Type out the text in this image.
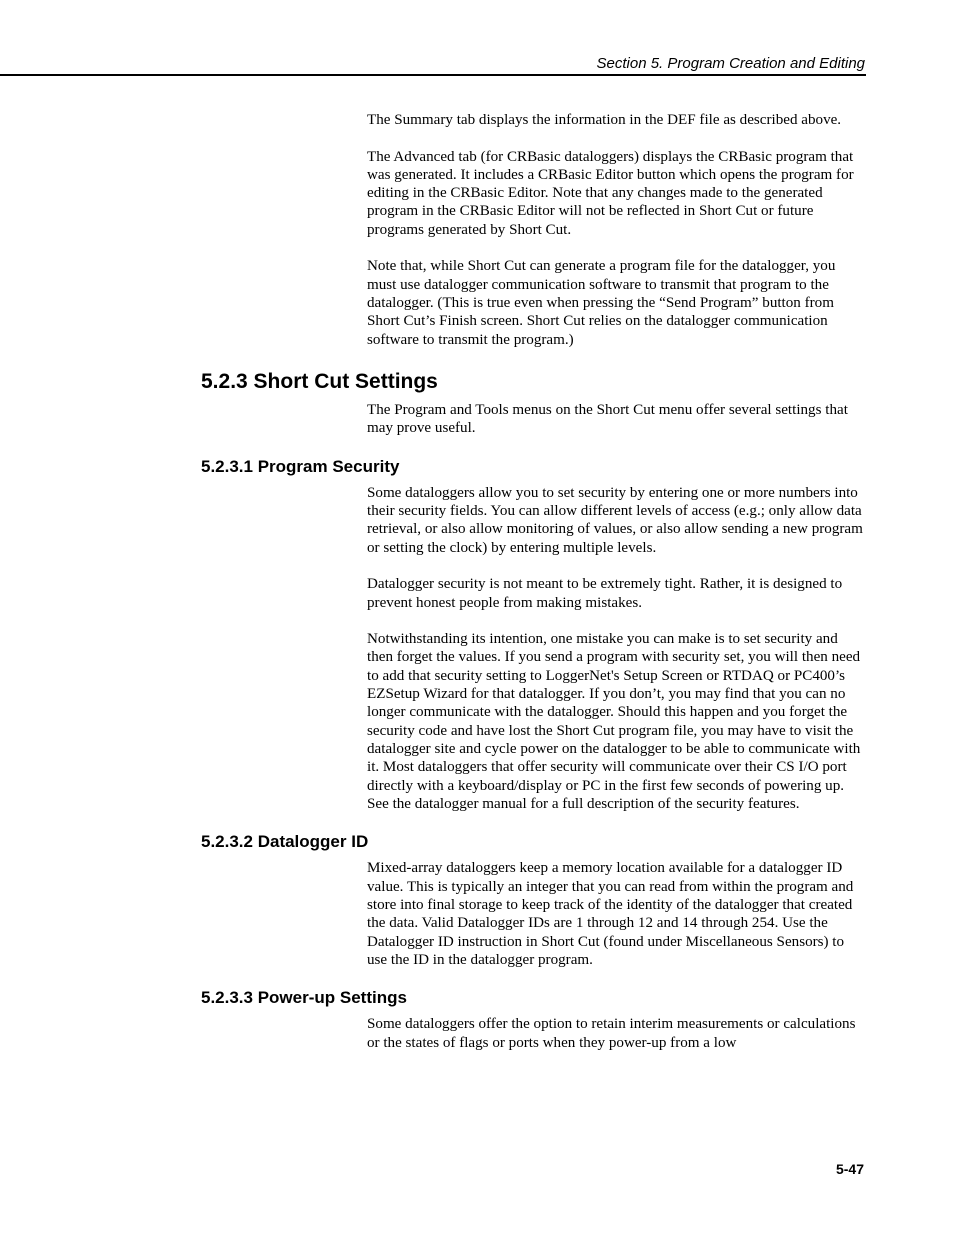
Section 5. Program Creation and Editing

The Summary tab displays the information in the DEF file as described above.

The Advanced tab (for CRBasic dataloggers) displays the CRBasic program that was generated. It includes a CRBasic Editor button which opens the program for editing in the CRBasic Editor. Note that any changes made to the generated program in the CRBasic Editor will not be reflected in Short Cut or future programs generated by Short Cut.

Note that, while Short Cut can generate a program file for the datalogger, you must use datalogger communication software to transmit that program to the datalogger. (This is true even when pressing the “Send Program” button from Short Cut’s Finish screen. Short Cut relies on the datalogger communication software to transmit the program.)

5.2.3 Short Cut Settings

The Program and Tools menus on the Short Cut menu offer several settings that may prove useful.

5.2.3.1 Program Security

Some dataloggers allow you to set security by entering one or more numbers into their security fields. You can allow different levels of access (e.g.; only allow data retrieval, or also allow monitoring of values, or also allow sending a new program or setting the clock) by entering multiple levels.

Datalogger security is not meant to be extremely tight. Rather, it is designed to prevent honest people from making mistakes.

Notwithstanding its intention, one mistake you can make is to set security and then forget the values. If you send a program with security set, you will then need to add that security setting to LoggerNet's Setup Screen or RTDAQ or PC400’s EZSetup Wizard for that datalogger. If you don’t, you may find that you can no longer communicate with the datalogger. Should this happen and you forget the security code and have lost the Short Cut program file, you may have to visit the datalogger site and cycle power on the datalogger to be able to communicate with it. Most dataloggers that offer security will communicate over their CS I/O port directly with a keyboard/display or PC in the first few seconds of powering up. See the datalogger manual for a full description of the security features.

5.2.3.2 Datalogger ID

Mixed-array dataloggers keep a memory location available for a datalogger ID value. This is typically an integer that you can read from within the program and store into final storage to keep track of the identity of the datalogger that created the data. Valid Datalogger IDs are 1 through 12 and 14 through 254. Use the Datalogger ID instruction in Short Cut (found under Miscellaneous Sensors) to use the ID in the datalogger program.

5.2.3.3 Power-up Settings

Some dataloggers offer the option to retain interim measurements or calculations or the states of flags or ports when they power-up from a low

5-47
